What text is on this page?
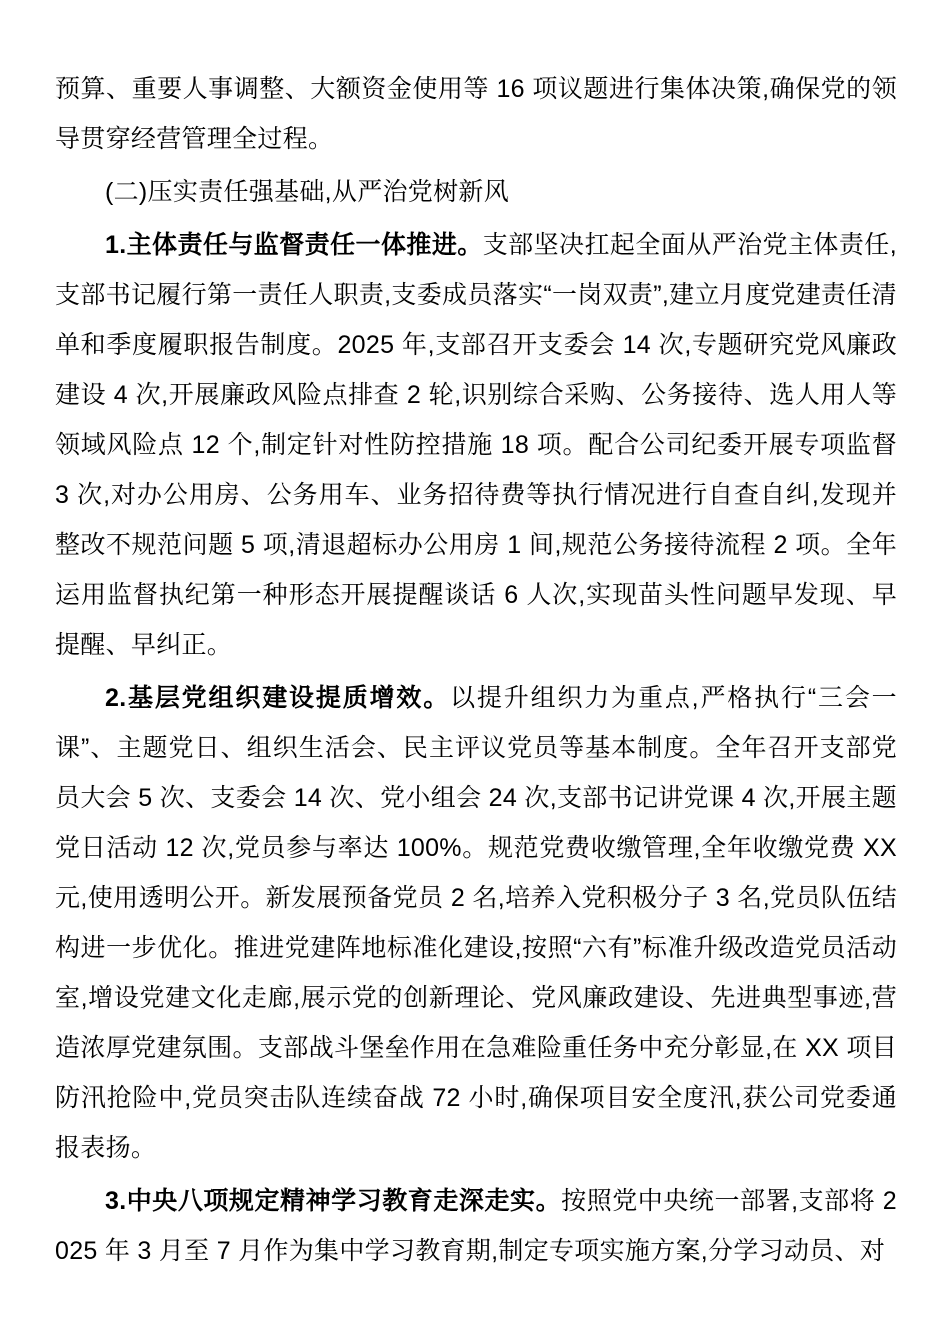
预算、重要人事调整、大额资金使用等 16 项议题进行集体决策,确保党的领导贯穿经营管理全过程。

(二)压实责任强基础,从严治党树新风

1.主体责任与监督责任一体推进。支部坚决扛起全面从严治党主体责任,支部书记履行第一责任人职责,支委成员落实“一岗双责”,建立月度党建责任清单和季度履职报告制度。2025 年,支部召开支委会 14 次,专题研究党风廉政建设 4 次,开展廉政风险点排查 2 轮,识别综合采购、公务接待、选人用人等领域风险点 12 个,制定针对性防控措施 18 项。配合公司纪委开展专项监督 3 次,对办公用房、公务用车、业务招待费等执行情况进行自查自纠,发现并整改不规范问题 5 项,清退超标办公用房 1 间,规范公务接待流程 2 项。全年运用监督执纪第一种形态开展提醒谈话 6 人次,实现苗头性问题早发现、早提醒、早纠正。

2.基层党组织建设提质增效。以提升组织力为重点,严格执行“三会一课”、主题党日、组织生活会、民主评议党员等基本制度。全年召开支部党员大会 5 次、支委会 14 次、党小组会 24 次,支部书记讲党课 4 次,开展主题党日活动 12 次,党员参与率达 100%。规范党费收缴管理,全年收缴党费 XX 元,使用透明公开。新发展预备党员 2 名,培养入党积极分子 3 名,党员队伍结构进一步优化。推进党建阵地标准化建设,按照“六有”标准升级改造党员活动室,增设党建文化走廊,展示党的创新理论、党风廉政建设、先进典型事迹,营造浓厚党建氛围。支部战斗堡垒作用在急难险重任务中充分彰显,在 XX 项目防汛抢险中,党员突击队连续奋战 72 小时,确保项目安全度汛,获公司党委通报表扬。

3.中央八项规定精神学习教育走深走实。按照党中央统一部署,支部将 2025 年 3 月至 7 月作为集中学习教育期,制定专项实施方案,分学习动员、对
